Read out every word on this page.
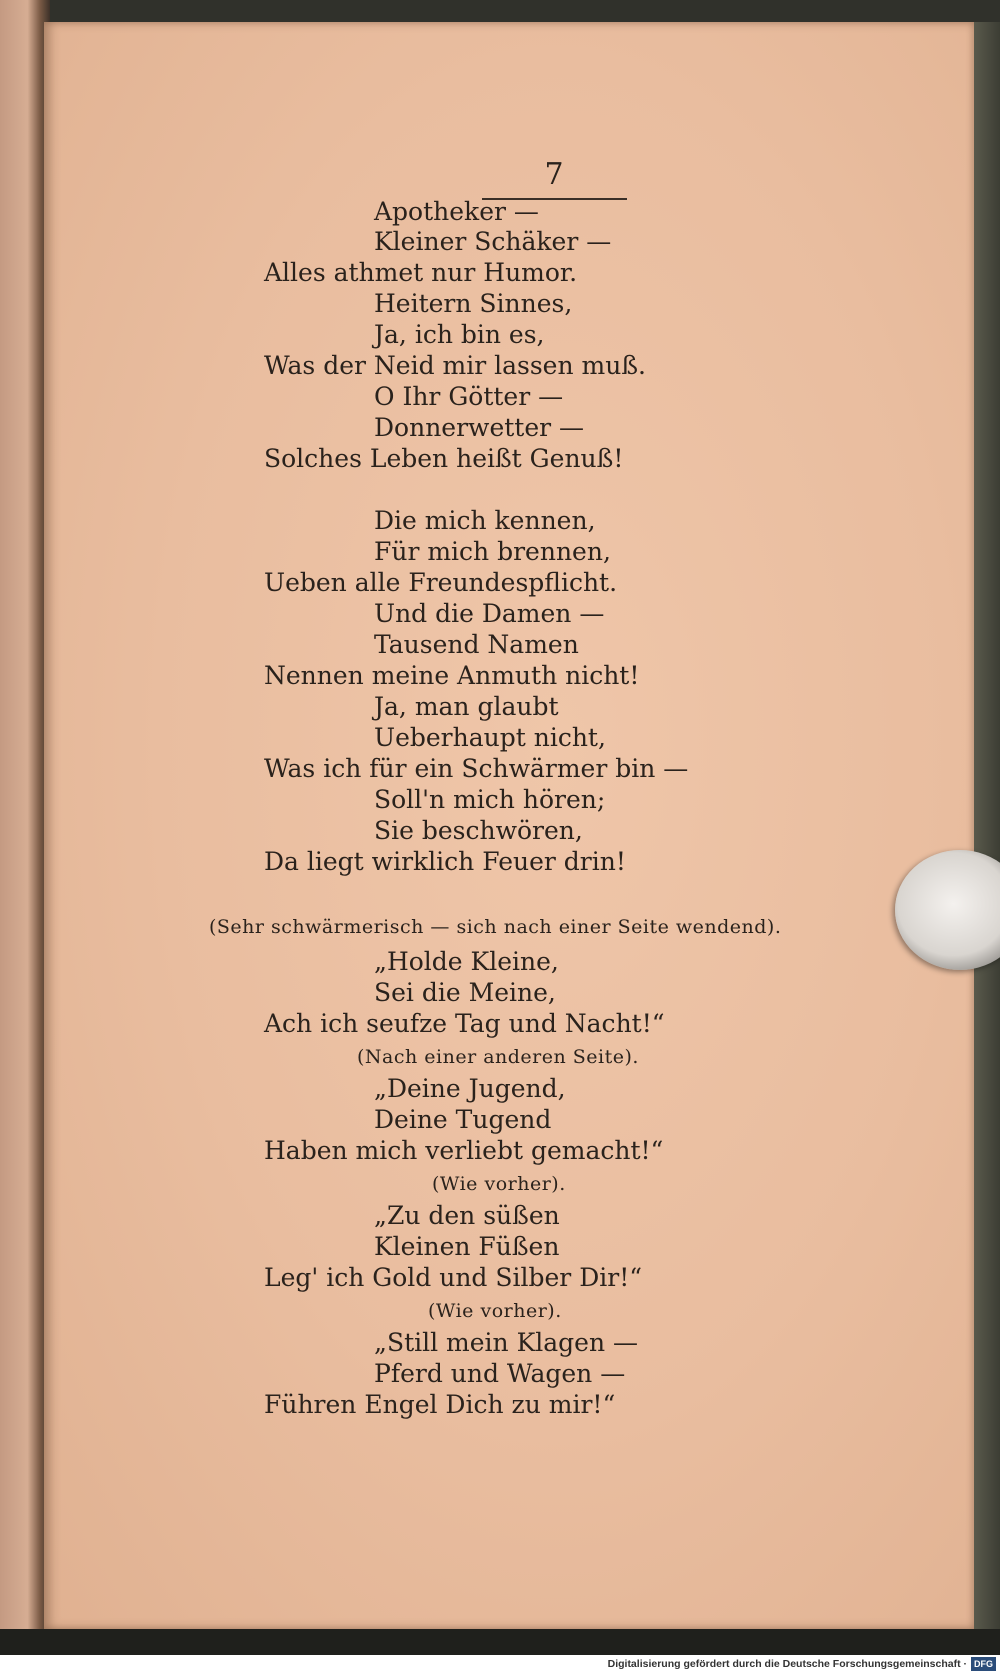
7
Apotheker —
Kleiner Schäker —
Alles athmet nur Humor.
Heitern Sinnes,
Ja, ich bin es,
Was der Neid mir lassen muß.
O Ihr Götter —
Donnerwetter —
Solches Leben heißt Genuß!
Die mich kennen,
Für mich brennen,
Ueben alle Freundespflicht.
Und die Damen —
Tausend Namen
Nennen meine Anmuth nicht!
Ja, man glaubt
Ueberhaupt nicht,
Was ich für ein Schwärmer bin —
Soll'n mich hören;
Sie beschwören,
Da liegt wirklich Feuer drin!
(Sehr schwärmerisch — sich nach einer Seite wendend).
„Holde Kleine,
Sei die Meine,
Ach ich seufze Tag und Nacht!“
(Nach einer anderen Seite).
„Deine Jugend,
Deine Tugend
Haben mich verliebt gemacht!“
(Wie vorher).
„Zu den süßen
Kleinen Füßen
Leg' ich Gold und Silber Dir!“
(Wie vorher).
„Still mein Klagen —
Pferd und Wagen —
Führen Engel Dich zu mir!“
Digitalisierung gefördert durch die Deutsche Forschungsgemeinschaft · DFG
